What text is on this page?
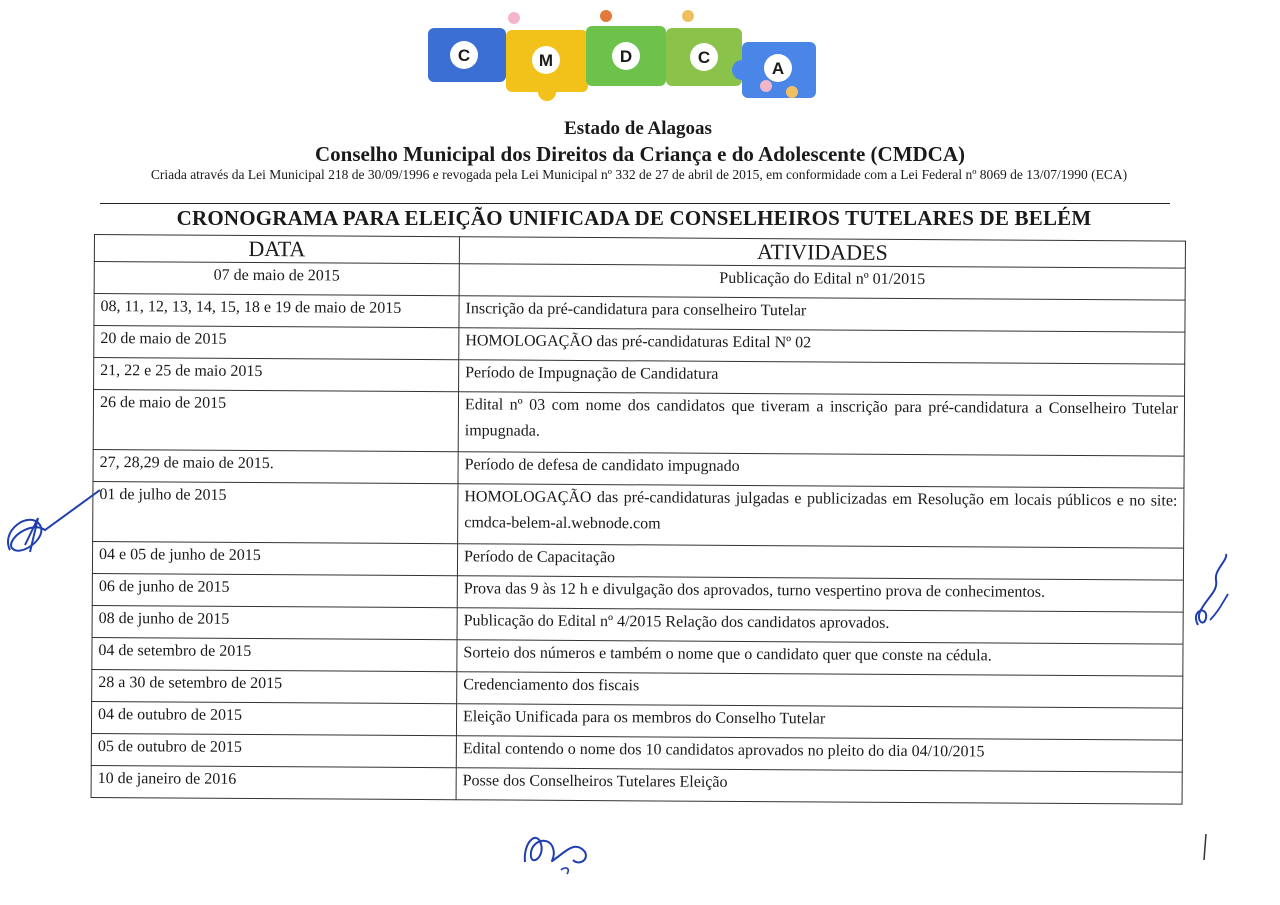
C	M	D	C
A
Estado de Alagoas
Conselho Municipal dos Direitos da Criança e do Adolescente (CMDCA)
Criada através da Lei Municipal 218 de 30/09/1996 e revogada pela Lei Municipal nº 332 de 27 de abril de 2015, em conformidade com a Lei Federal nº 8069 de 13/07/1990 (ECA)
CRONOGRAMA PARA ELEIÇÃO UNIFICADA DE CONSELHEIROS TUTELARES DE BELÉM
DATA	ATIVIDADES
07 de maio de 2015	Publicação do Edital nº 01/2015
08, 11, 12, 13, 14, 15, 18 e 19 de maio de 2015	Inscrição da pré-candidatura para conselheiro Tutelar
20 de maio de 2015	HOMOLOGAÇÃO das pré-candidaturas Edital Nº 02
21, 22 e 25 de maio 2015	Período de Impugnação de Candidatura
26 de maio de 2015	Edital nº 03 com nome dos candidatos que tiveram a inscrição para pré-candidatura a Conselheiro Tutelar impugnada.
27, 28,29 de maio de 2015.	Período de defesa de candidato impugnado
01 de julho de 2015	HOMOLOGAÇÃO das pré-candidaturas julgadas e publicizadas em Resolução em locais públicos e no site: cmdca-belem-al.webnode.com
04 e 05 de junho de 2015	Período de Capacitação
06 de junho de 2015	Prova das 9 às 12 h e divulgação dos aprovados, turno vespertino prova de conhecimentos.
08 de junho de 2015	Publicação do Edital nº 4/2015 Relação dos candidatos aprovados.
04 de setembro de 2015	Sorteio dos números e também o nome que o candidato quer que conste na cédula.
28 a 30 de setembro de 2015	Credenciamento dos fiscais
04 de outubro de 2015	Eleição Unificada para os membros do Conselho Tutelar
05 de outubro de 2015	Edital contendo o nome dos 10 candidatos aprovados no pleito do dia 04/10/2015
10 de janeiro de 2016	Posse dos Conselheiros Tutelares Eleição
